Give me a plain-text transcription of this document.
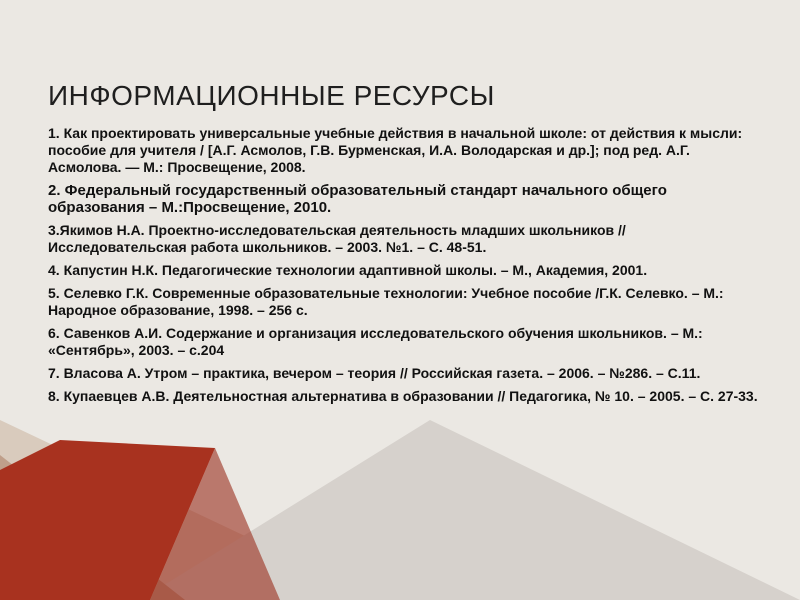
ИНФОРМАЦИОННЫЕ РЕСУРСЫ
1. Как проектировать универсальные учебные действия в начальной школе: от действия к мысли: пособие для учителя / [А.Г. Асмолов, Г.В. Бурменская, И.А. Володарская и др.]; под ред. А.Г. Асмолова. — М.: Просвещение, 2008.
2. Федеральный государственный образовательный стандарт начального общего образования – М.:Просвещение, 2010.
3.Якимов Н.А. Проектно-исследовательская деятельность младших школьников // Исследовательская работа школьников. – 2003. №1. – С. 48-51.
4. Капустин Н.К. Педагогические технологии адаптивной школы. – М., Академия, 2001.
5. Селевко Г.К. Современные образовательные технологии: Учебное пособие /Г.К. Селевко. – М.: Народное образование, 1998. – 256 с.
6. Савенков А.И. Содержание и организация исследовательского обучения школьников. – М.: «Сентябрь», 2003. – с.204
7. Власова А. Утром – практика, вечером – теория // Российская газета. – 2006. – №286. – С.11.
8. Купаевцев А.В. Деятельностная альтернатива в образовании // Педагогика, № 10. – 2005. – С. 27-33.
